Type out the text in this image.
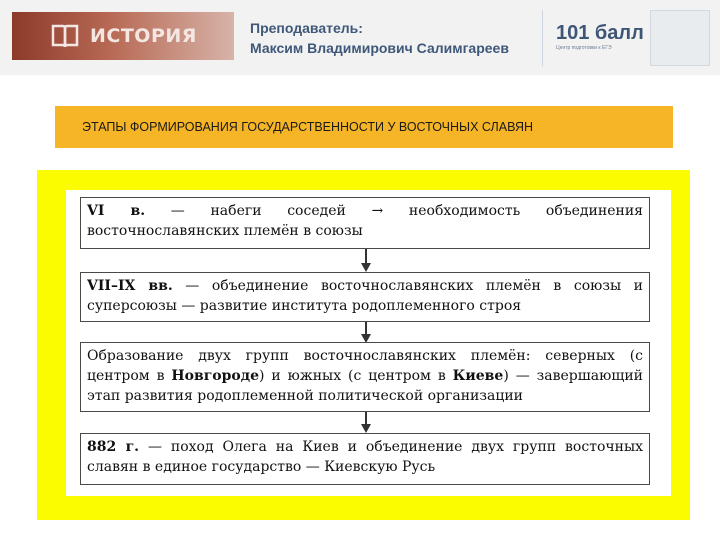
ИСТОРИЯ	Преподаватель:
Максим Владимирович Салимгареев
101 балл
Центр подготовки к ЕГЭ
ЭТАПЫ ФОРМИРОВАНИЯ ГОСУДАРСТВЕННОСТИ У ВОСТОЧНЫХ СЛАВЯН
VI в. — набеги соседей → необходимость объединения восточнославянских племён в союзы
VII–IX вв. — объединение восточнославянских племён в союзы и суперсоюзы — развитие института родоплеменного строя
Образование двух групп восточнославянских племён: северных (с центром в Новгороде) и южных (с центром в Киеве) — завершающий этап развития родоплеменной политической организации
882 г. — поход Олега на Киев и объединение двух групп восточных славян в единое государство — Киевскую Русь
